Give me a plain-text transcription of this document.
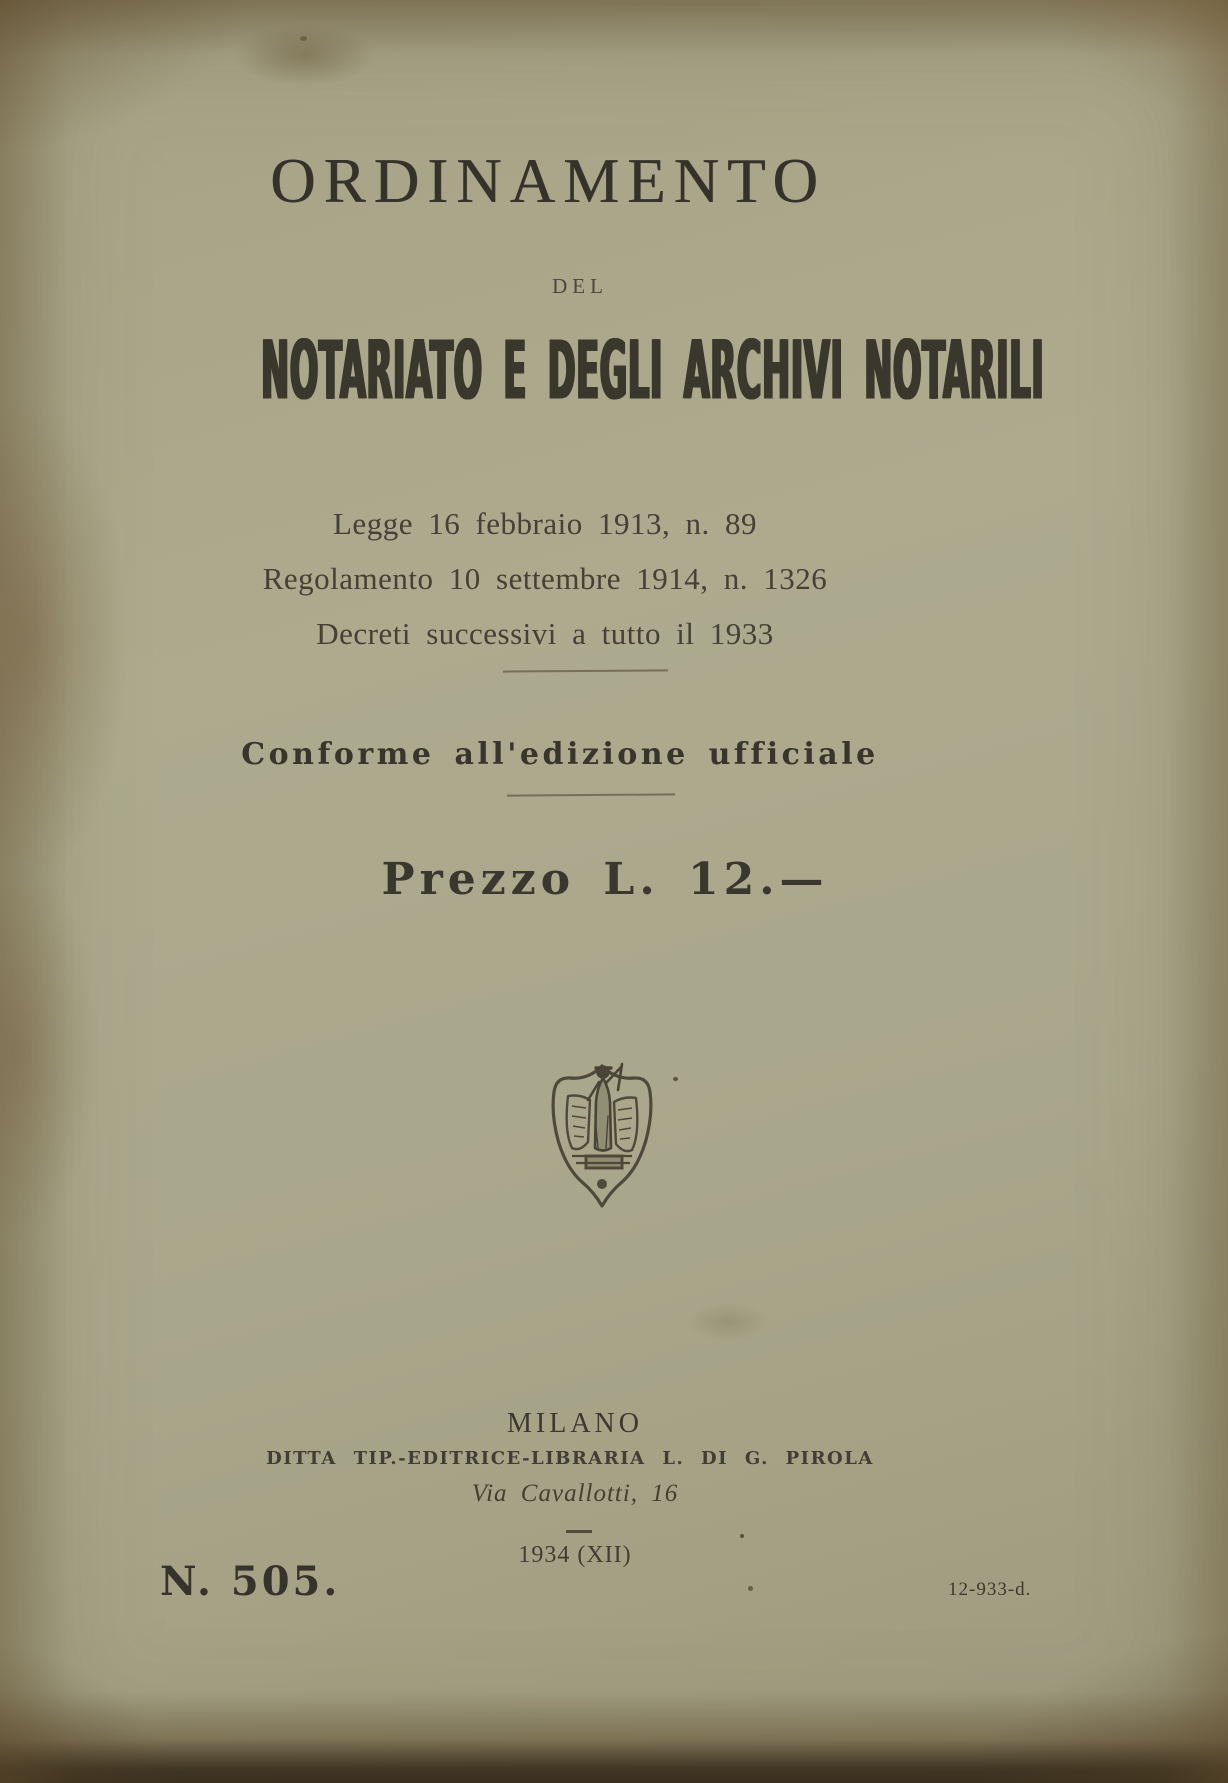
ORDINAMENTO
DEL
NOTARIATO E DEGLI ARCHIVI NOTARILI
Legge 16 febbraio 1913, n. 89
Regolamento 10 settembre 1914, n. 1326
Decreti successivi a tutto il 1933
Conforme all'edizione ufficiale
Prezzo L. 12.—
MILANO
DITTA TIP.-EDITRICE-LIBRARIA L. DI G. PIROLA
Via Cavallotti, 16
1934 (XII)
N. 505.	12-933-d.
